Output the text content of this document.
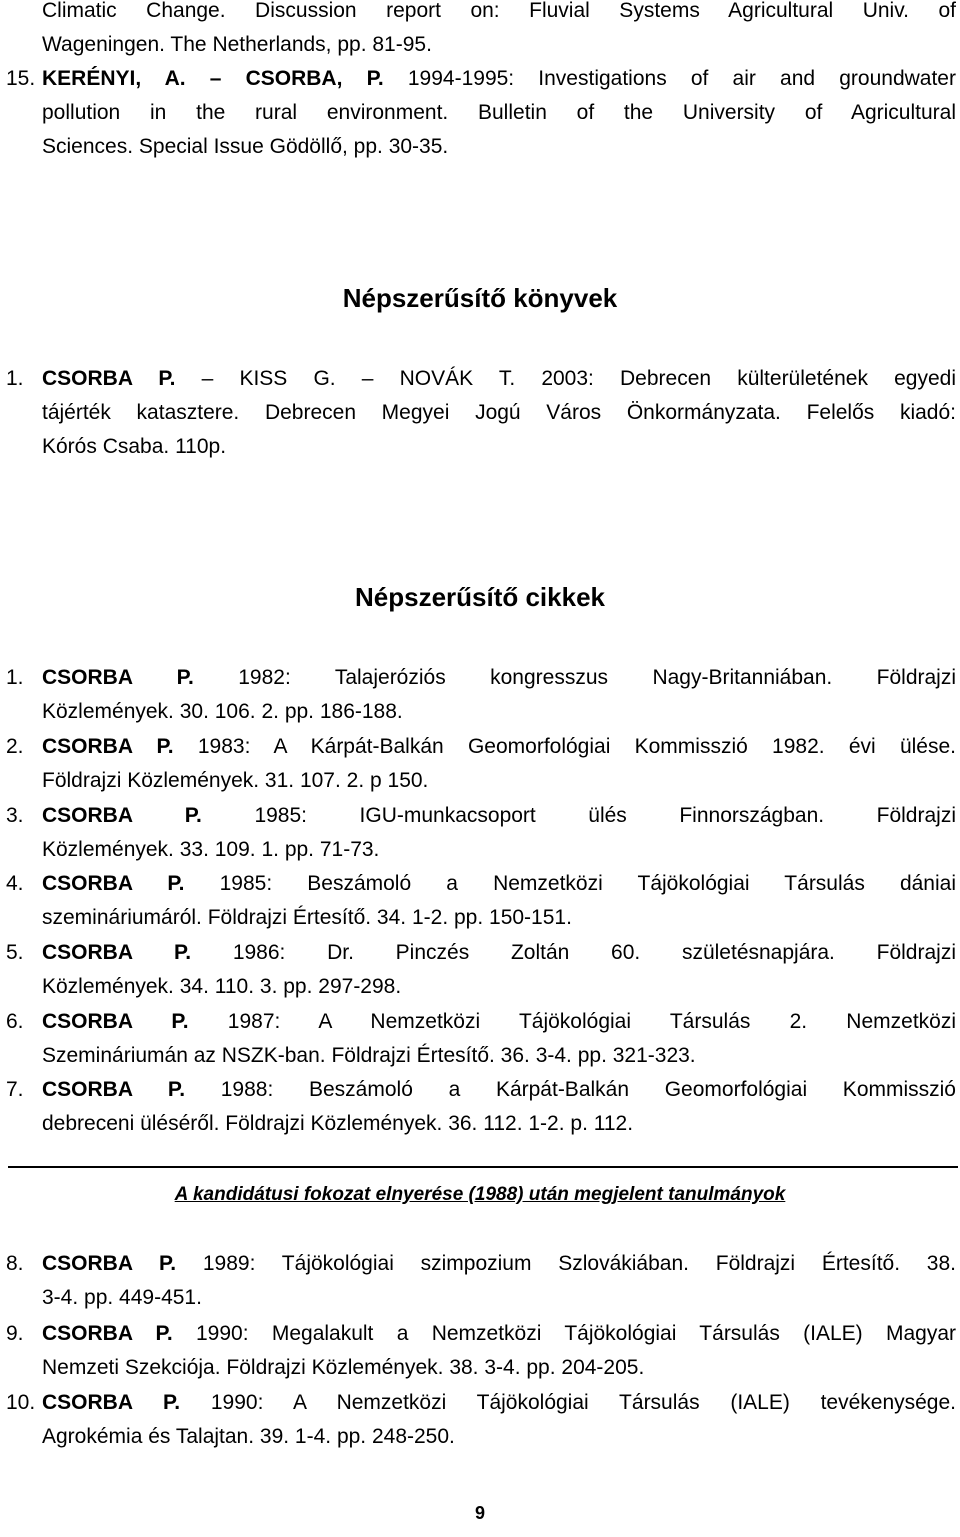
Climatic Change. Discussion report on: Fluvial Systems Agricultural Univ. of
Wageningen. The Netherlands, pp. 81-95.
15. KERÉNYI, A. – CSORBA, P. 1994-1995: Investigations of air and groundwater
pollution in the rural environment. Bulletin of the University of Agricultural
Sciences. Special Issue Gödöllő, pp. 30-35.
Népszerűsítő könyvek
1. CSORBA P. – KISS G. – NOVÁK T. 2003: Debrecen külterületének egyedi
tájérték katasztere. Debrecen Megyei Jogú Város Önkormányzata. Felelős kiadó:
Kórós Csaba. 110p.
Népszerűsítő cikkek
1. CSORBA P. 1982: Talajeróziós kongresszus Nagy-Britanniában. Földrajzi
Közlemények. 30. 106. 2. pp. 186-188.
2. CSORBA P. 1983: A Kárpát-Balkán Geomorfológiai Kommisszió 1982. évi ülése.
Földrajzi Közlemények. 31. 107. 2. p 150.
3. CSORBA P. 1985: IGU-munkacsoport ülés Finnországban. Földrajzi
Közlemények. 33. 109. 1. pp. 71-73.
4. CSORBA P. 1985: Beszámoló a Nemzetközi Tájökológiai Társulás dániai
szemináriumáról. Földrajzi Értesítő. 34. 1-2. pp. 150-151.
5. CSORBA P. 1986: Dr. Pinczés Zoltán 60. születésnapjára. Földrajzi
Közlemények. 34. 110. 3. pp. 297-298.
6. CSORBA P. 1987: A Nemzetközi Tájökológiai Társulás 2. Nemzetközi
Szemináriumán az NSZK-ban. Földrajzi Értesítő. 36. 3-4. pp. 321-323.
7. CSORBA P. 1988: Beszámoló a Kárpát-Balkán Geomorfológiai Kommisszió
debreceni üléséről. Földrajzi Közlemények. 36. 112. 1-2. p. 112.
A kandidátusi fokozat elnyerése (1988) után megjelent tanulmányok
8. CSORBA P. 1989: Tájökológiai szimpozium Szlovákiában. Földrajzi Értesítő. 38.
3-4. pp. 449-451.
9. CSORBA P. 1990: Megalakult a Nemzetközi Tájökológiai Társulás (IALE) Magyar
Nemzeti Szekciója. Földrajzi Közlemények. 38. 3-4. pp. 204-205.
10. CSORBA P. 1990: A Nemzetközi Tájökológiai Társulás (IALE) tevékenysége.
Agrokémia és Talajtan. 39. 1-4. pp. 248-250.
9
